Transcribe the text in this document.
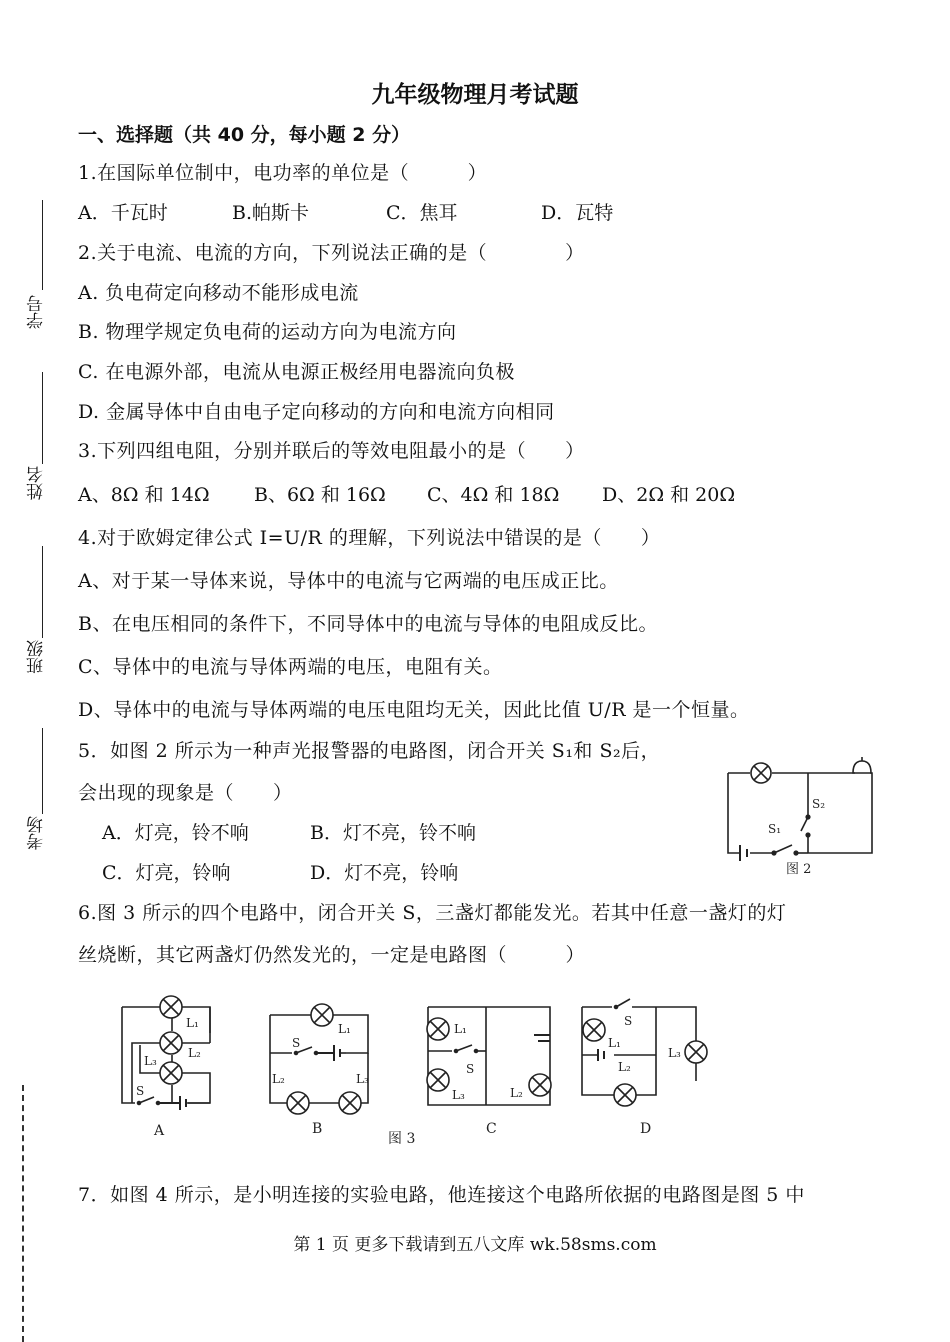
九年级物理月考试题
一、选择题（共 40 分，每小题 2 分）
学号
姓名
班级
考场
1.在国际单位制中，电功率的单位是（　　　）
A．千瓦时	B.帕斯卡	C．焦耳	D．瓦特
2.关于电流、电流的方向，下列说法正确的是（　　　　）
A. 负电荷定向移动不能形成电流
B. 物理学规定负电荷的运动方向为电流方向
C. 在电源外部，电流从电源正极经用电器流向负极
D. 金属导体中自由电子定向移动的方向和电流方向相同
3.下列四组电阻，分别并联后的等效电阻最小的是（　　）
A、8Ω 和 14Ω B、6Ω 和 16Ω C、4Ω 和 18Ω D、2Ω 和 20Ω
4.对于欧姆定律公式 I=U/R 的理解，下列说法中错误的是（　　）
A、对于某一导体来说，导体中的电流与它两端的电压成正比。
B、在电压相同的条件下，不同导体中的电流与导体的电阻成反比。
C、导体中的电流与导体两端的电压，电阻有关。
D、导体中的电流与导体两端的电压电阻均无关，因此比值 U/R 是一个恒量。
5．如图 2 所示为一种声光报警器的电路图，闭合开关 S₁和 S₂后，
会出现的现象是（　　）
A．灯亮，铃不响	B．灯不亮，铃不响
C．灯亮，铃响	D．灯不亮，铃响
S₂
S₁
图 2
6.图 3 所示的四个电路中，闭合开关 S，三盏灯都能发光。若其中任意一盏灯的灯
丝烧断，其它两盏灯仍然发光的，一定是电路图（　　　）
L₁
L₂
L₃
S
A
L₁
S
L₂	L₃
B
L₁
S
L₃	L₂
C
S
L₁
L₂
L₃
D
图 3
7．如图 4 所示，是小明连接的实验电路，他连接这个电路所依据的电路图是图 5 中
第 1 页 更多下载请到五八文库 wk.58sms.com
